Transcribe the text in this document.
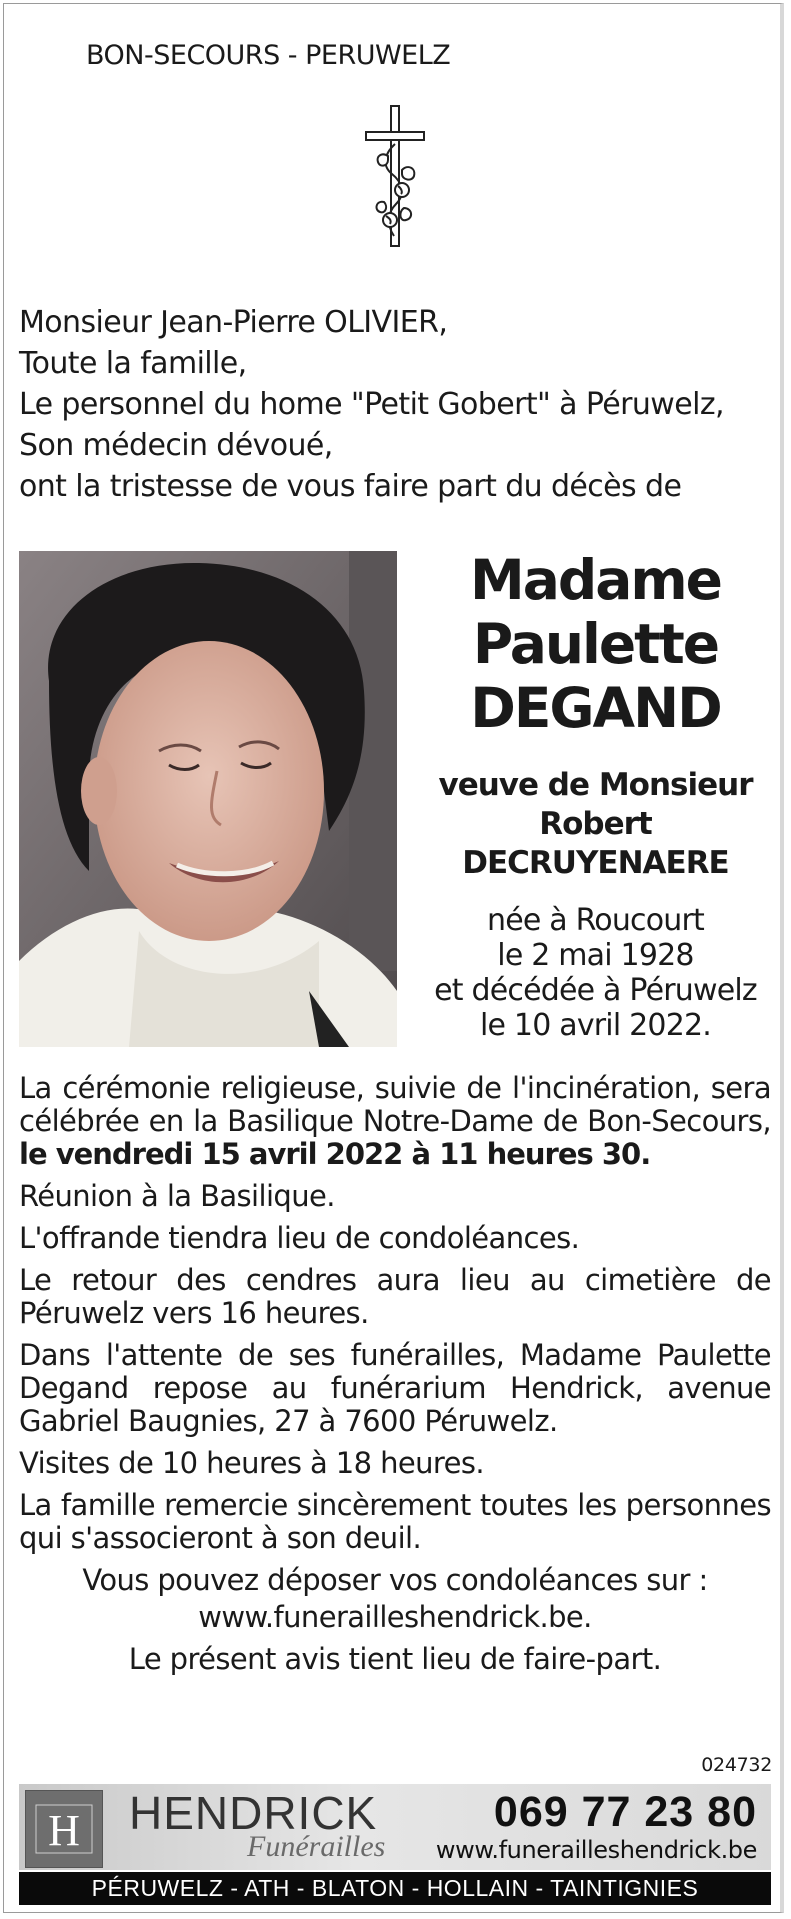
BON-SECOURS - PERUWELZ
Monsieur Jean-Pierre OLIVIER,
Toute la famille,
Le personnel du home "Petit Gobert" à Péruwelz,
Son médecin dévoué,
ont la tristesse de vous faire part du décès de
Madame
Paulette
DEGAND
veuve de Monsieur
Robert DECRUYENAERE
née à Roucourt
le 2 mai 1928
et décédée à Péruwelz
le 10 avril 2022.

La cérémonie religieuse, suivie de l'incinération, sera célébrée en la Basilique Notre-Dame de Bon-Secours, le vendredi 15 avril 2022 à 11 heures 30.

Réunion à la Basilique.

L'offrande tiendra lieu de condoléances.

Le retour des cendres aura lieu au cimetière de Péruwelz vers 16 heures.

Dans l'attente de ses funérailles, Madame Paulette Degand repose au funérarium Hendrick, avenue Gabriel Baugnies, 27 à 7600 Péruwelz.

Visites de 10 heures à 18 heures.

La famille remercie sincèrement toutes les personnes qui s'associeront à son deuil.

Vous pouvez déposer vos condoléances sur :

www.funerailleshendrick.be.

Le présent avis tient lieu de faire-part.

024732
H HENDRICK
Funérailles
069 77 23 80
www.funerailleshendrick.be
PÉRUWELZ - ATH - BLATON - HOLLAIN - TAINTIGNIES
